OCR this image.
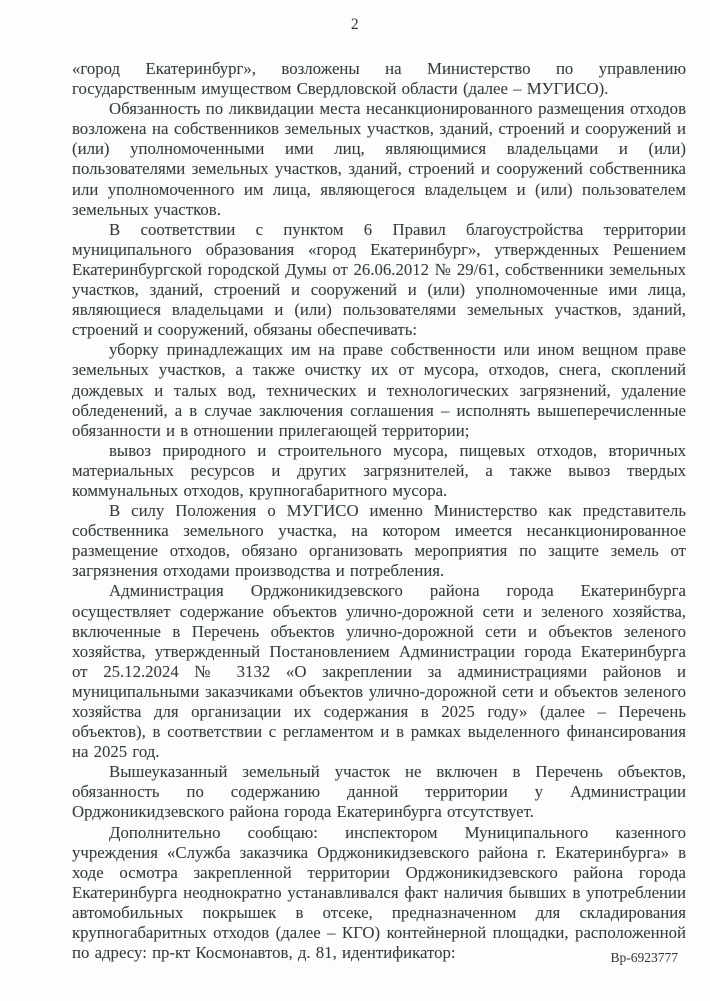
2

«город Екатеринбург», возложены на Министерство по управлению государственным имуществом Свердловской области (далее – МУГИСО).

Обязанность по ликвидации места несанкционированного размещения отходов возложена на собственников земельных участков, зданий, строений и сооружений и (или) уполномоченными ими лиц, являющимися владельцами и (или) пользователями земельных участков, зданий, строений и сооружений собственника или уполномоченного им лица, являющегося владельцем и (или) пользователем земельных участков.

В соответствии с пунктом 6 Правил благоустройства территории муниципального образования «город Екатеринбург», утвержденных Решением Екатеринбургской городской Думы от 26.06.2012 № 29/61, собственники земельных участков, зданий, строений и сооружений и (или) уполномоченные ими лица, являющиеся владельцами и (или) пользователями земельных участков, зданий, строений и сооружений, обязаны обеспечивать:

уборку принадлежащих им на праве собственности или ином вещном праве земельных участков, а также очистку их от мусора, отходов, снега, скоплений дождевых и талых вод, технических и технологических загрязнений, удаление обледенений, а в случае заключения соглашения – исполнять вышеперечисленные обязанности и в отношении прилегающей территории;

вывоз природного и строительного мусора, пищевых отходов, вторичных материальных ресурсов и других загрязнителей, а также вывоз твердых коммунальных отходов, крупногабаритного мусора.

В силу Положения о МУГИСО именно Министерство как представитель собственника земельного участка, на котором имеется несанкционированное размещение отходов, обязано организовать мероприятия по защите земель от загрязнения отходами производства и потребления.

Администрация Орджоникидзевского района города Екатеринбурга осуществляет содержание объектов улично-дорожной сети и зеленого хозяйства, включенные в Перечень объектов улично-дорожной сети и объектов зеленого хозяйства, утвержденный Постановлением Администрации города Екатеринбурга от 25.12.2024 № 3132 «О закреплении за администрациями районов и муниципальными заказчиками объектов улично-дорожной сети и объектов зеленого хозяйства для организации их содержания в 2025 году» (далее – Перечень объектов), в соответствии с регламентом и в рамках выделенного финансирования на 2025 год.

Вышеуказанный земельный участок не включен в Перечень объектов, обязанность по содержанию данной территории у Администрации Орджоникидзевского района города Екатеринбурга отсутствует.

Дополнительно сообщаю: инспектором Муниципального казенного учреждения «Служба заказчика Орджоникидзевского района г. Екатеринбурга» в ходе осмотра закрепленной территории Орджоникидзевского района города Екатеринбурга неоднократно устанавливался факт наличия бывших в употреблении автомобильных покрышек в отсеке, предназначенном для складирования крупногабаритных отходов (далее – КГО) контейнерной площадки, расположенной по адресу: пр-кт Космонавтов, д. 81, идентификатор:	Вр-6923777
